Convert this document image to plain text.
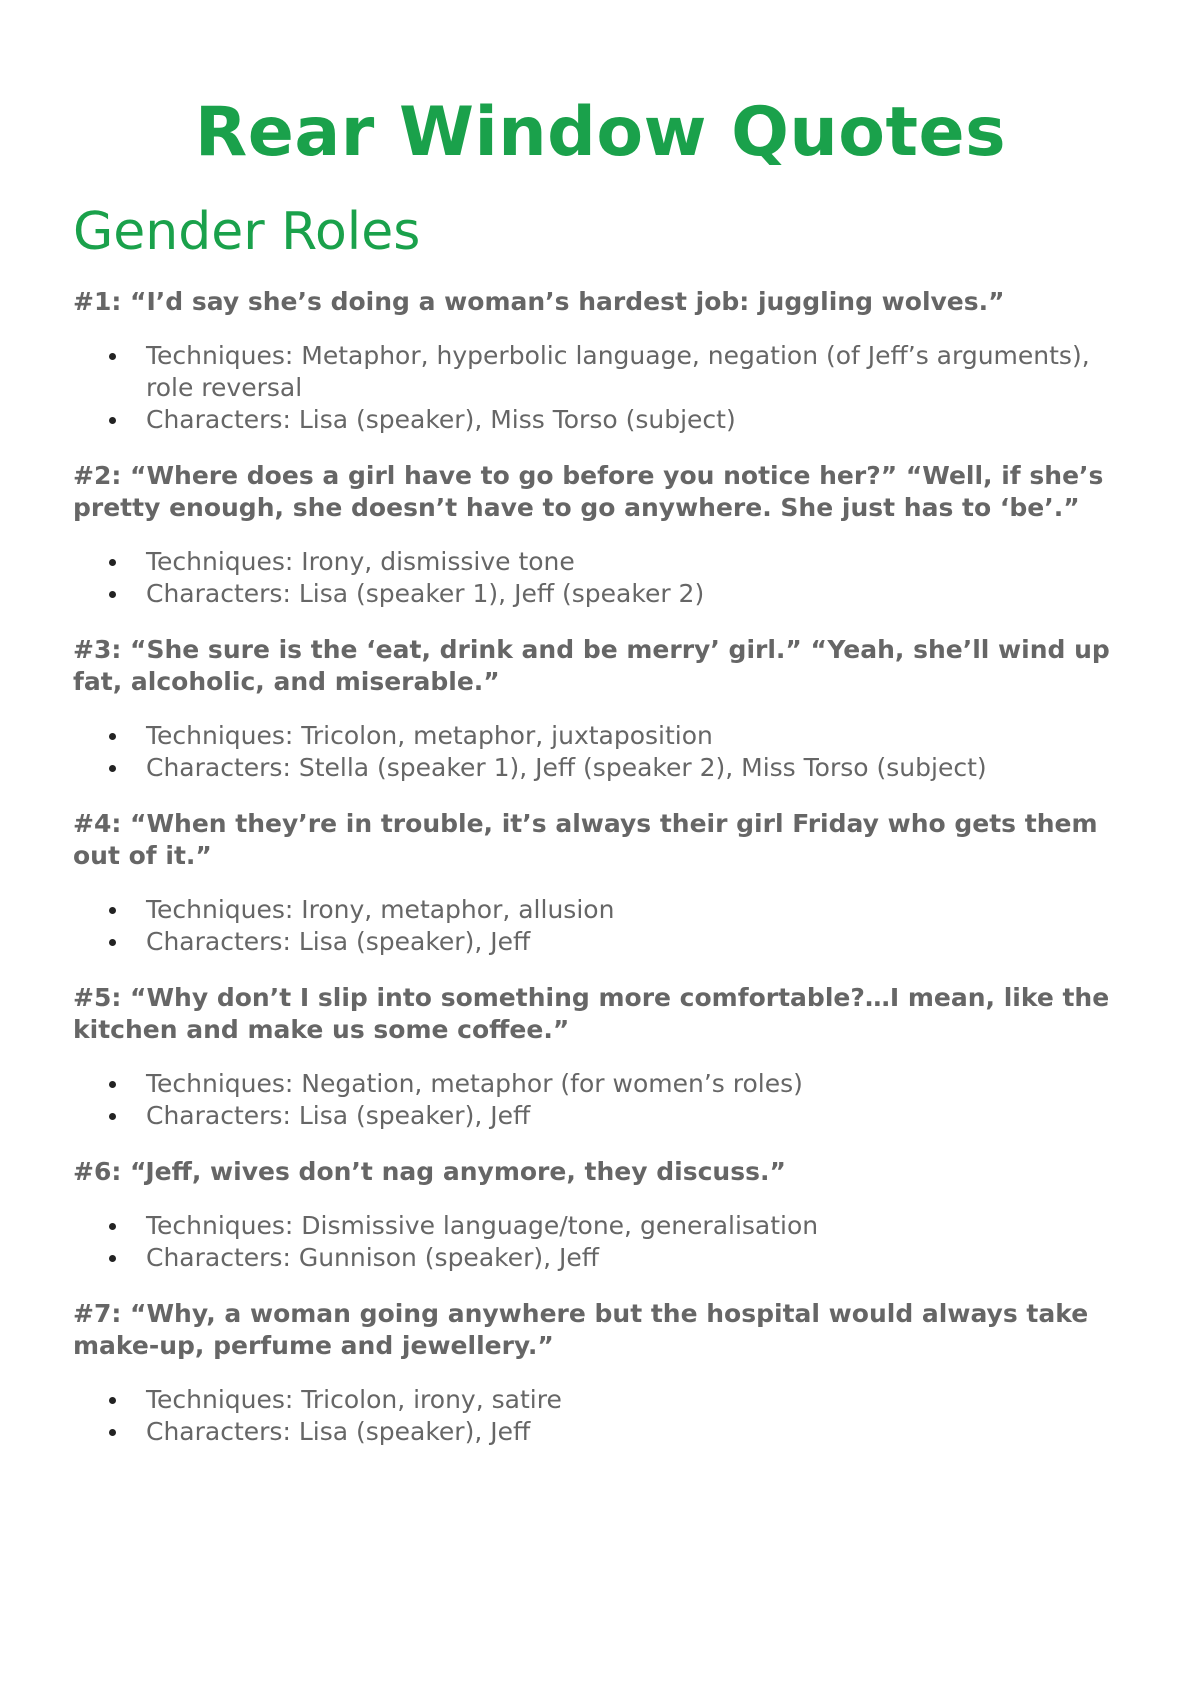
Rear Window Quotes
Gender Roles

#1: “I’d say she’s doing a woman’s hardest job: juggling wolves.”

Techniques: Metaphor, hyperbolic language, negation (of Jeff’s arguments), role reversal
Characters: Lisa (speaker), Miss Torso (subject)

#2: “Where does a girl have to go before you notice her?” “Well, if she’s pretty enough, she doesn’t have to go anywhere. She just has to ‘be’.”

Techniques: Irony, dismissive tone
Characters: Lisa (speaker 1), Jeff (speaker 2)

#3: “She sure is the ‘eat, drink and be merry’ girl.” “Yeah, she’ll wind up fat, alcoholic, and miserable.”

Techniques: Tricolon, metaphor, juxtaposition
Characters: Stella (speaker 1), Jeff (speaker 2), Miss Torso (subject)

#4: “When they’re in trouble, it’s always their girl Friday who gets them out of it.”

Techniques: Irony, metaphor, allusion
Characters: Lisa (speaker), Jeff

#5: “Why don’t I slip into something more comfortable?…I mean, like the kitchen and make us some coffee.”

Techniques: Negation, metaphor (for women’s roles)
Characters: Lisa (speaker), Jeff

#6: “Jeff, wives don’t nag anymore, they discuss.”

Techniques: Dismissive language/tone, generalisation
Characters: Gunnison (speaker), Jeff

#7: “Why, a woman going anywhere but the hospital would always take make-up, perfume and jewellery.”

Techniques: Tricolon, irony, satire
Characters: Lisa (speaker), Jeff
